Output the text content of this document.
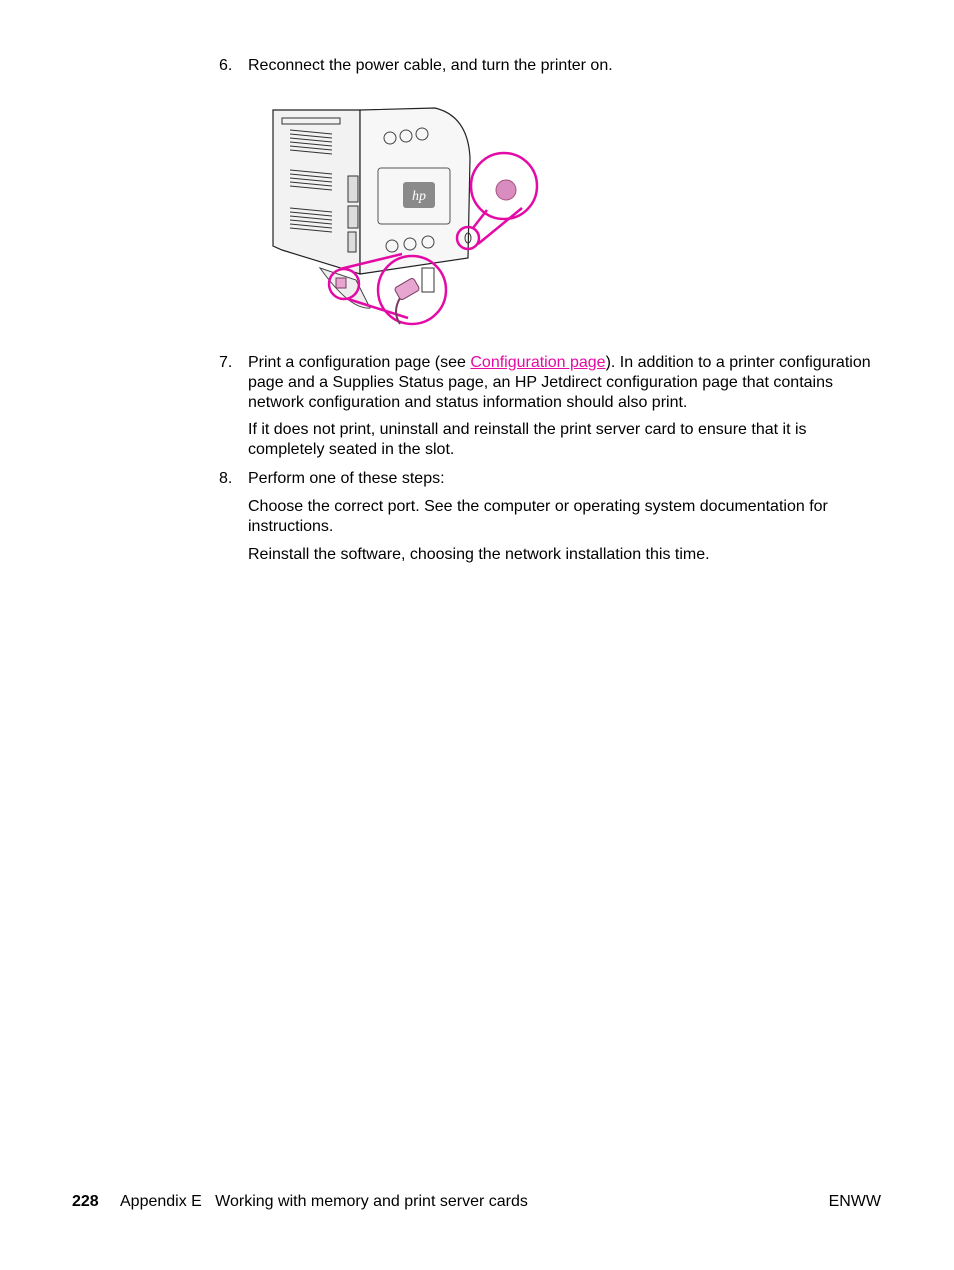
6. Reconnect the power cable, and turn the printer on.
hp
7. Print a configuration page (see Configuration page). In addition to a printer configuration page and a Supplies Status page, an HP Jetdirect configuration page that contains network configuration and status information should also print.
If it does not print, uninstall and reinstall the print server card to ensure that it is completely seated in the slot.
8. Perform one of these steps:
Choose the correct port. See the computer or operating system documentation for instructions.
Reinstall the software, choosing the network installation this time.
228 Appendix E   Working with memory and print server cards	ENWW
